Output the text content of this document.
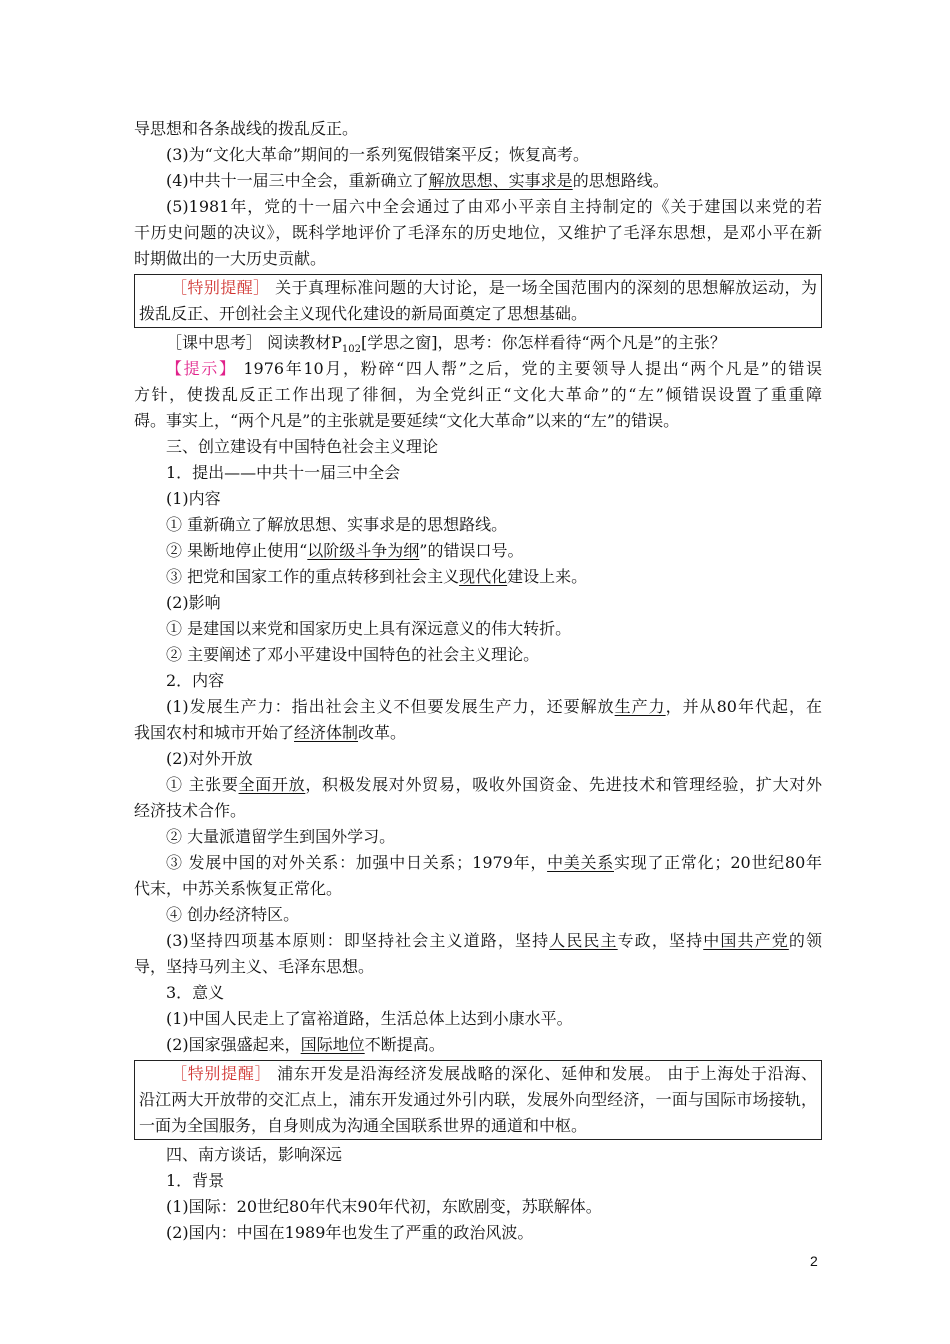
导思想和各条战线的拨乱反正。
(3)为“文化大革命”期间的一系列冤假错案平反；恢复高考。
(4)中共十一届三中全会，重新确立了解放思想、实事求是的思想路线。
(5)1981年，党的十一届六中全会通过了由邓小平亲自主持制定的《关于建国以来党的若
干历史问题的决议》，既科学地评价了毛泽东的历史地位，又维护了毛泽东思想，是邓小平在新
时期做出的一大历史贡献。
［特别提醒］ 关于真理标准问题的大讨论，是一场全国范围内的深刻的思想解放运动，为
拨乱反正、开创社会主义现代化建设的新局面奠定了思想基础。
［课中思考］ 阅读教材$P_{102}$[学思之窗]，思考：你怎样看待“两个凡是”的主张？
【提示】 1976年10月，粉碎“四人帮”之后，党的主要领导人提出“两个凡是”的错误
方针，使拨乱反正工作出现了徘徊，为全党纠正“文化大革命”的“左”倾错误设置了重重障
碍。事实上，“两个凡是”的主张就是要延续“文化大革命”以来的“左”的错误。
三、创立建设有中国特色社会主义理论
1．提出——中共十一届三中全会
(1)内容
① 重新确立了解放思想、实事求是的思想路线。
② 果断地停止使用“以阶级斗争为纲”的错误口号。
③ 把党和国家工作的重点转移到社会主义现代化建设上来。
(2)影响
① 是建国以来党和国家历史上具有深远意义的伟大转折。
② 主要阐述了邓小平建设中国特色的社会主义理论。
2．内容
(1)发展生产力：指出社会主义不但要发展生产力，还要解放生产力，并从80年代起，在
我国农村和城市开始了经济体制改革。
(2)对外开放
① 主张要全面开放，积极发展对外贸易，吸收外国资金、先进技术和管理经验，扩大对外
经济技术合作。
② 大量派遣留学生到国外学习。
③ 发展中国的对外关系：加强中日关系；1979年，中美关系实现了正常化；20世纪80年
代末，中苏关系恢复正常化。
④ 创办经济特区。
(3)坚持四项基本原则：即坚持社会主义道路，坚持人民民主专政，坚持中国共产党的领
导，坚持马列主义、毛泽东思想。
3．意义
(1)中国人民走上了富裕道路，生活总体上达到小康水平。
(2)国家强盛起来，国际地位不断提高。
［特别提醒］ 浦东开发是沿海经济发展战略的深化、延伸和发展。 由于上海处于沿海、
沿江两大开放带的交汇点上，浦东开发通过外引内联，发展外向型经济，一面与国际市场接轨，
一面为全国服务，自身则成为沟通全国联系世界的通道和中枢。
四、南方谈话，影响深远
1．背景
(1)国际：20世纪80年代末90年代初，东欧剧变，苏联解体。
(2)国内：中国在1989年也发生了严重的政治风波。
2
